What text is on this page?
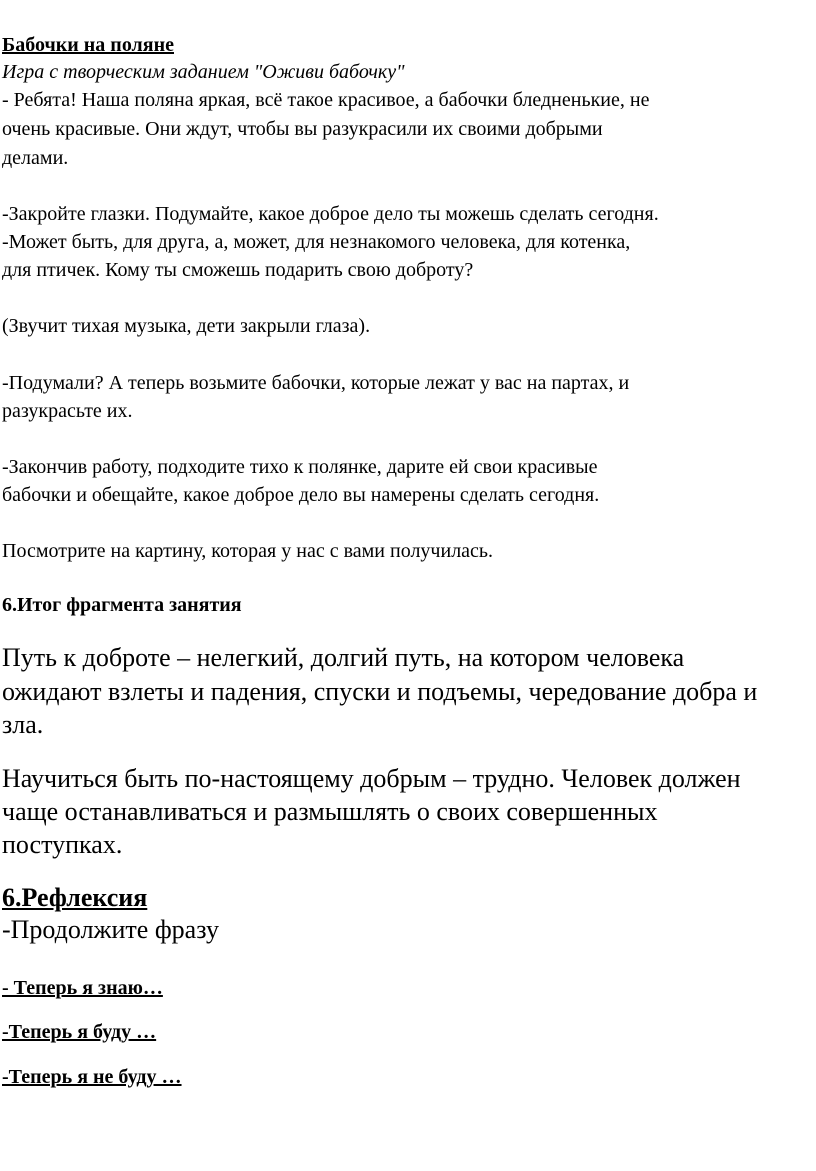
Бабочки на поляне

Игра с творческим заданием "Оживи бабочку"

- Ребята! Наша поляна яркая, всё такое красивое, а бабочки бледненькие, не

очень красивые. Они ждут, чтобы вы разукрасили их своими добрыми

делами.

-Закройте глазки. Подумайте, какое доброе дело ты можешь сделать сегодня.

-Может быть, для друга, а, может, для незнакомого человека, для котенка,

для птичек. Кому ты сможешь подарить свою доброту?

(Звучит тихая музыка, дети закрыли глаза).

-Подумали? А теперь возьмите бабочки, которые лежат у вас на партах, и

разукрасьте их.

-Закончив работу, подходите тихо к полянке, дарите ей свои красивые

бабочки и обещайте, какое доброе дело вы намерены сделать сегодня.

Посмотрите на картину, которая у нас с вами получилась.

6.Итог фрагмента занятия

Путь к доброте – нелегкий, долгий путь, на котором человека

ожидают взлеты и падения, спуски и подъемы, чередование добра и

зла.

Научиться быть по-настоящему добрым – трудно. Человек должен

чаще останавливаться и размышлять о своих совершенных

поступках.

6.Рефлексия

-Продолжите фразу

- Теперь я знаю…

-Теперь я буду …

-Теперь я не буду …
